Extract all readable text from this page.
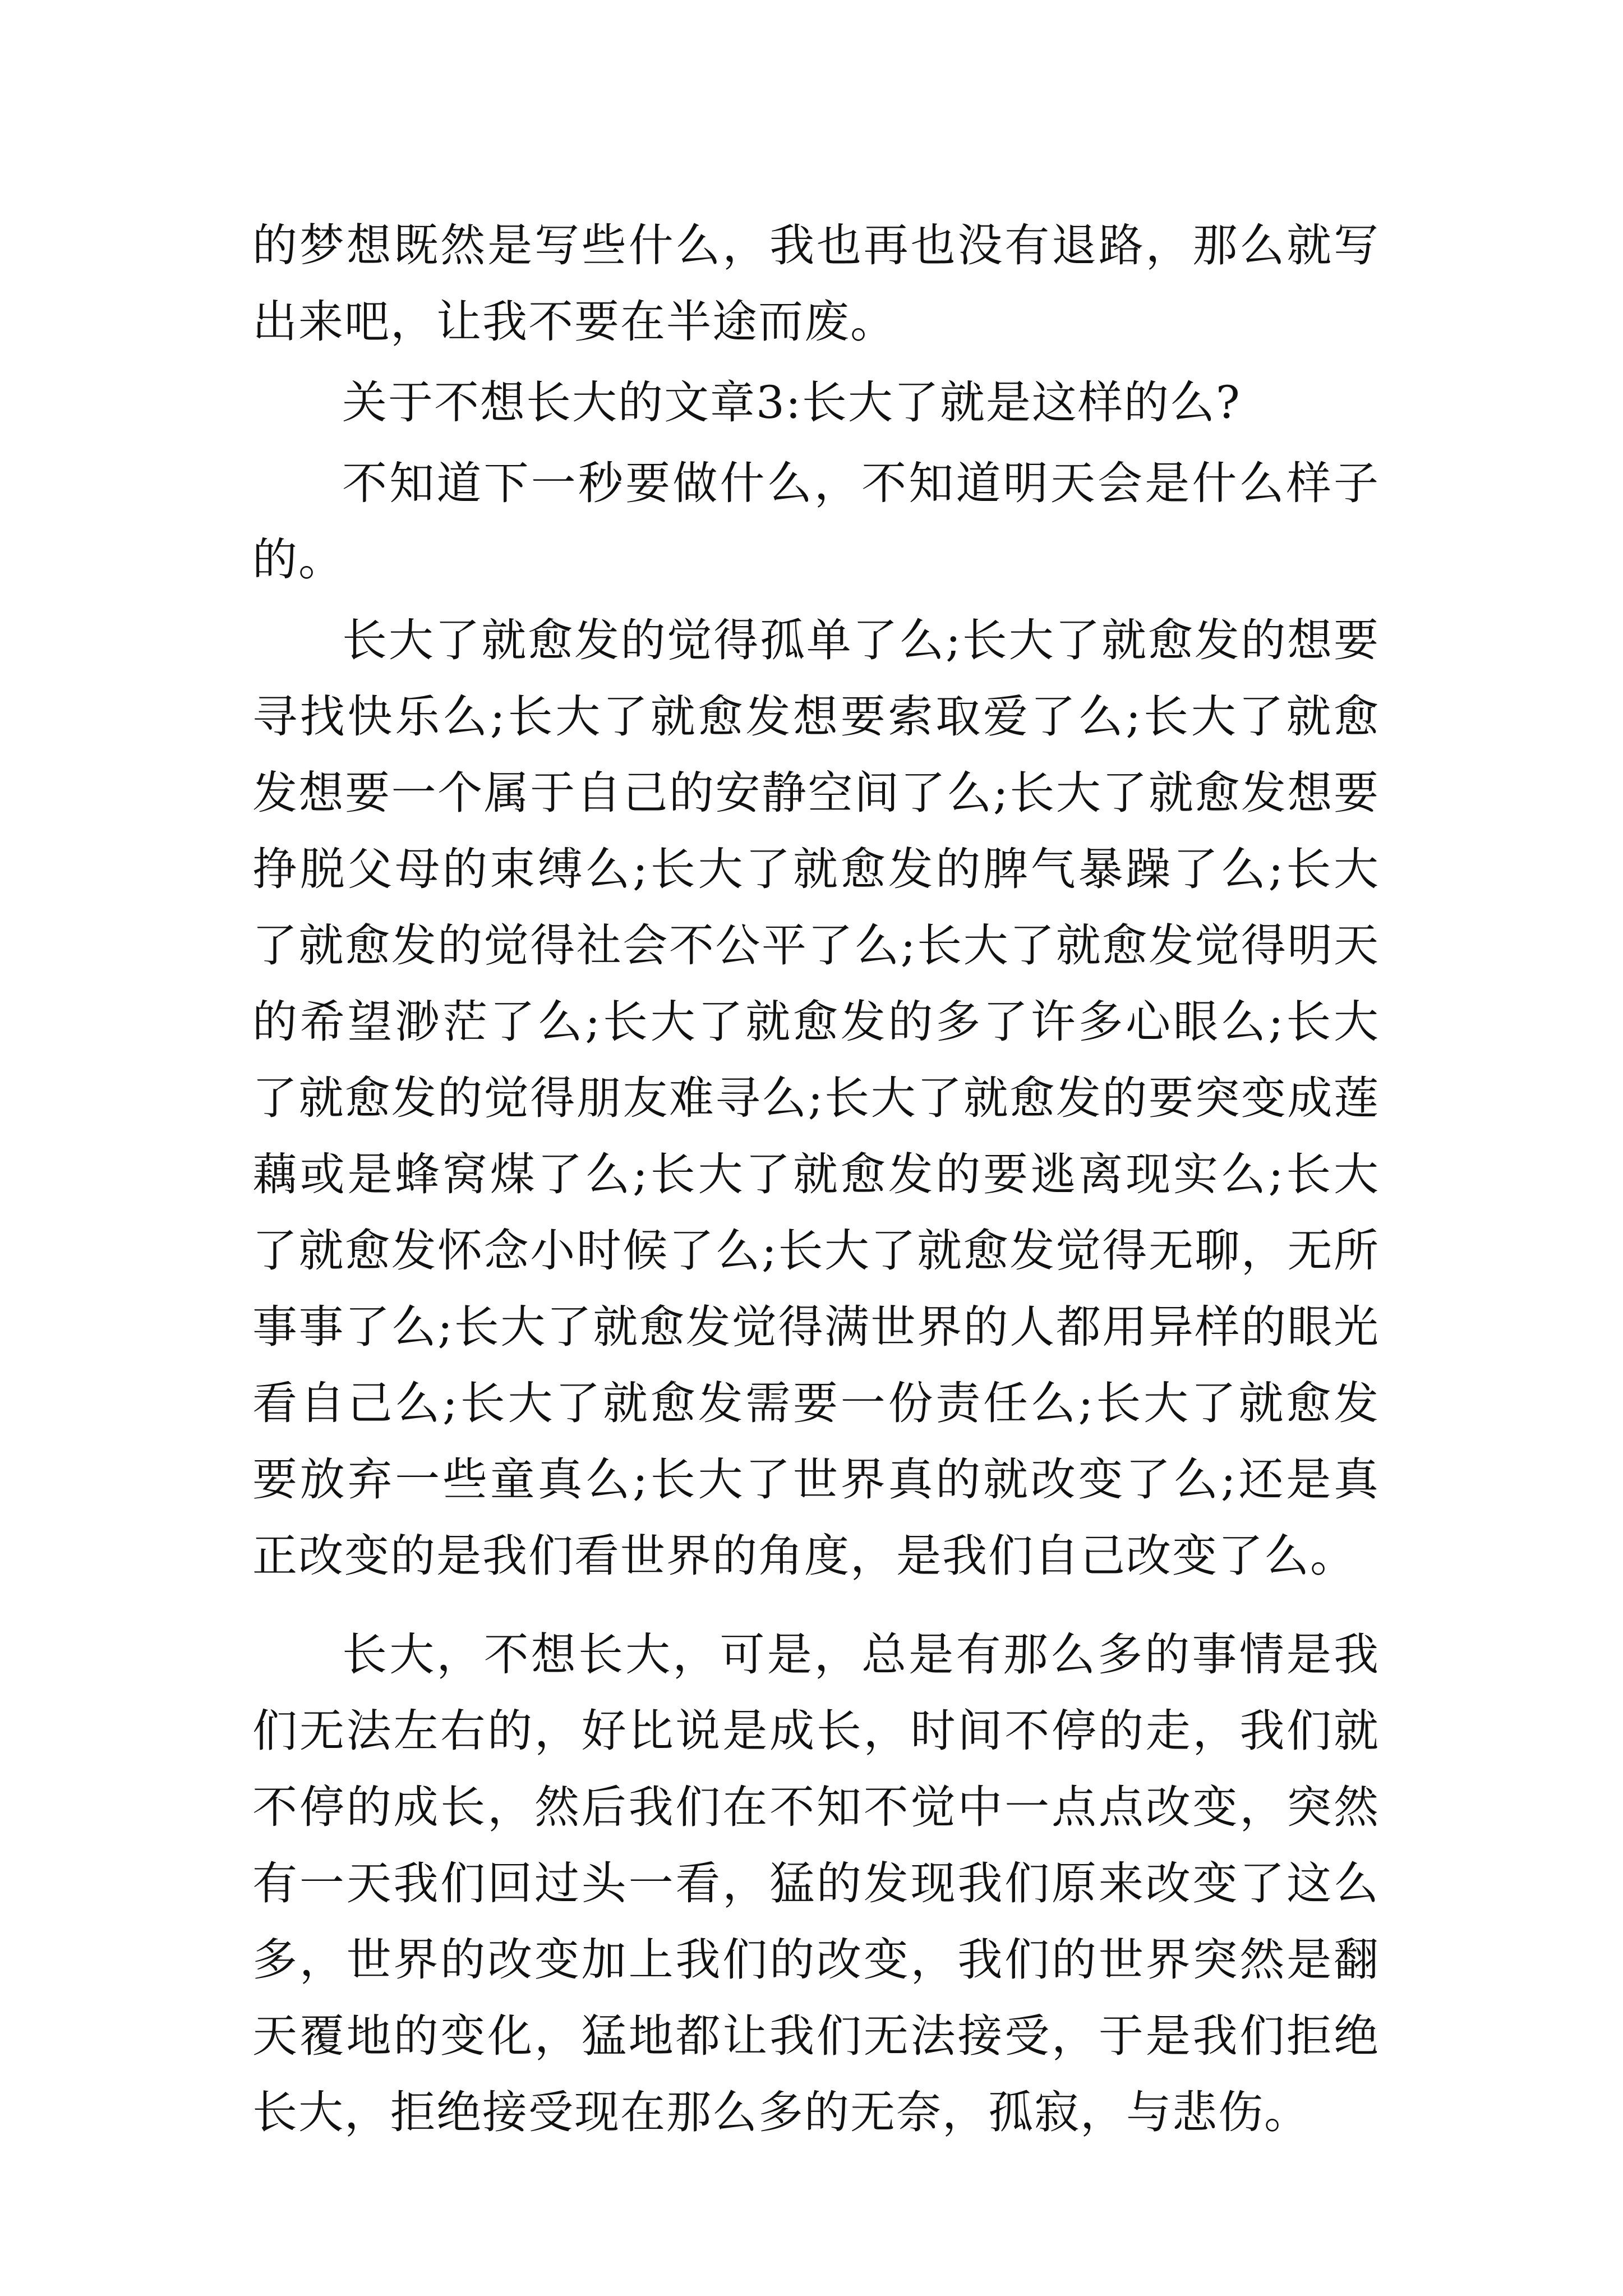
的梦想既然是写些什么，我也再也没有退路，那么就写出来吧，让我不要在半途而废。

关于不想长大的文章3:长大了就是这样的么?

不知道下一秒要做什么，不知道明天会是什么样子的。

长大了就愈发的觉得孤单了么;长大了就愈发的想要寻找快乐么;长大了就愈发想要索取爱了么;长大了就愈发想要一个属于自己的安静空间了么;长大了就愈发想要挣脱父母的束缚么;长大了就愈发的脾气暴躁了么;长大了就愈发的觉得社会不公平了么;长大了就愈发觉得明天的希望渺茫了么;长大了就愈发的多了许多心眼么;长大了就愈发的觉得朋友难寻么;长大了就愈发的要突变成莲藕或是蜂窝煤了么;长大了就愈发的要逃离现实么;长大了就愈发怀念小时候了么;长大了就愈发觉得无聊，无所事事了么;长大了就愈发觉得满世界的人都用异样的眼光看自己么;长大了就愈发需要一份责任么;长大了就愈发要放弃一些童真么;长大了世界真的就改变了么;还是真正改变的是我们看世界的角度，是我们自己改变了么。

长大，不想长大，可是，总是有那么多的事情是我们无法左右的，好比说是成长，时间不停的走，我们就不停的成长，然后我们在不知不觉中一点点改变，突然有一天我们回过头一看，猛的发现我们原来改变了这么多，世界的改变加上我们的改变，我们的世界突然是翻天覆地的变化，猛地都让我们无法接受，于是我们拒绝长大，拒绝接受现在那么多的无奈，孤寂，与悲伤。
